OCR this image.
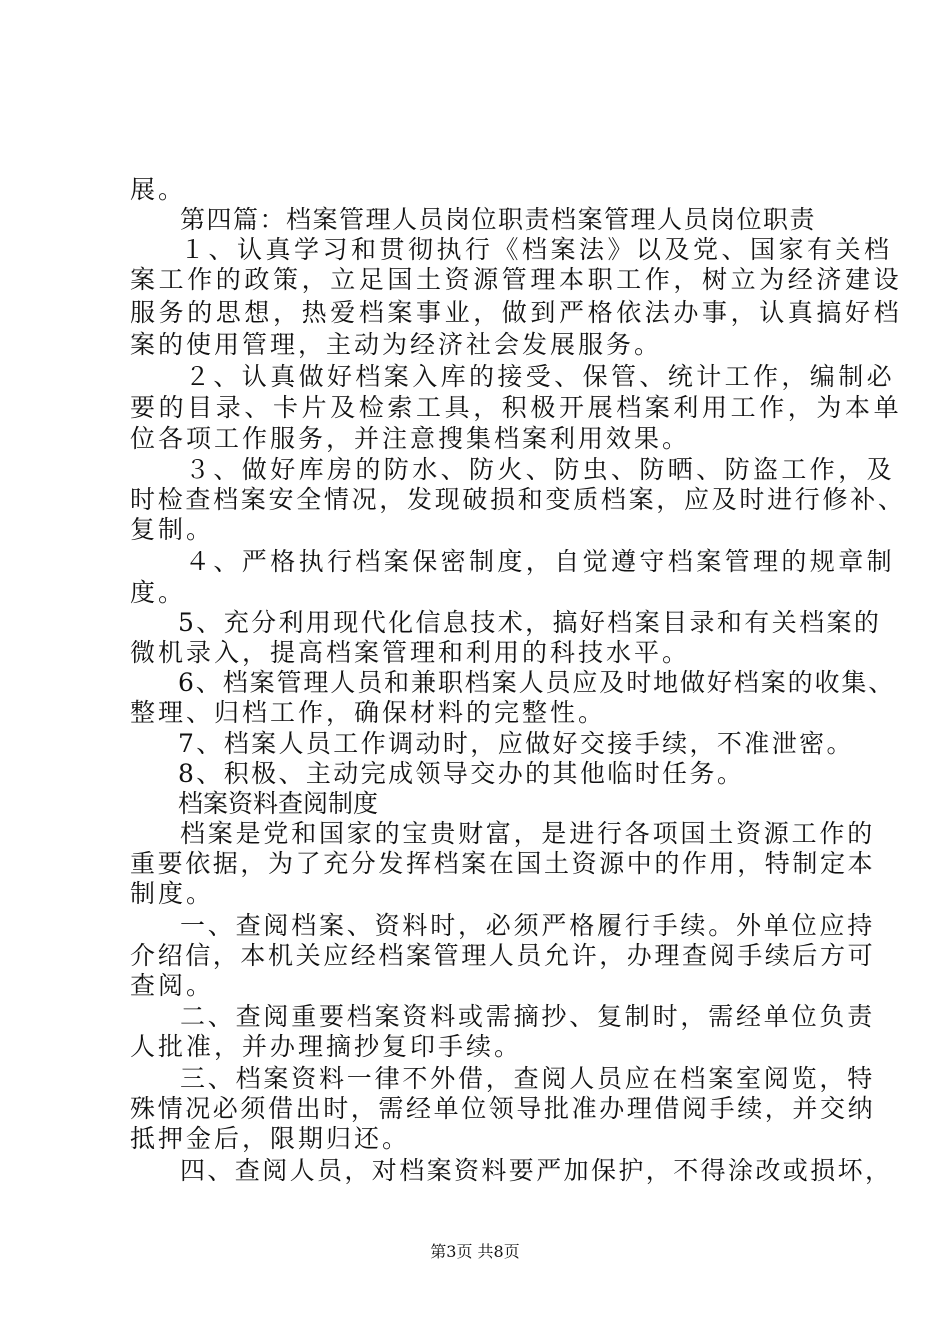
展。
第四篇：档案管理人员岗位职责档案管理人员岗位职责
１、认真学习和贯彻执行《档案法》以及党、国家有关档
案工作的政策，立足国土资源管理本职工作，树立为经济建设
服务的思想，热爱档案事业，做到严格依法办事，认真搞好档
案的使用管理，主动为经济社会发展服务。
２、认真做好档案入库的接受、保管、统计工作，编制必
要的目录、卡片及检索工具，积极开展档案利用工作，为本单
位各项工作服务，并注意搜集档案利用效果。
３、做好库房的防水、防火、防虫、防晒、防盗工作，及
时检查档案安全情况，发现破损和变质档案，应及时进行修补、
复制。
４、严格执行档案保密制度，自觉遵守档案管理的规章制
度。
5、充分利用现代化信息技术，搞好档案目录和有关档案的
微机录入，提高档案管理和利用的科技水平。
6、档案管理人员和兼职档案人员应及时地做好档案的收集、
整理、归档工作，确保材料的完整性。
7、档案人员工作调动时，应做好交接手续，不准泄密。
8、积极、主动完成领导交办的其他临时任务。
档案资料查阅制度
档案是党和国家的宝贵财富，是进行各项国土资源工作的
重要依据，为了充分发挥档案在国土资源中的作用，特制定本
制度。
一、查阅档案、资料时，必须严格履行手续。外单位应持
介绍信，本机关应经档案管理人员允许，办理查阅手续后方可
查阅。
二、查阅重要档案资料或需摘抄、复制时，需经单位负责
人批准，并办理摘抄复印手续。
三、档案资料一律不外借，查阅人员应在档案室阅览，特
殊情况必须借出时，需经单位领导批准办理借阅手续，并交纳
抵押金后，限期归还。
四、查阅人员，对档案资料要严加保护，不得涂改或损坏，
第3页 共8页
